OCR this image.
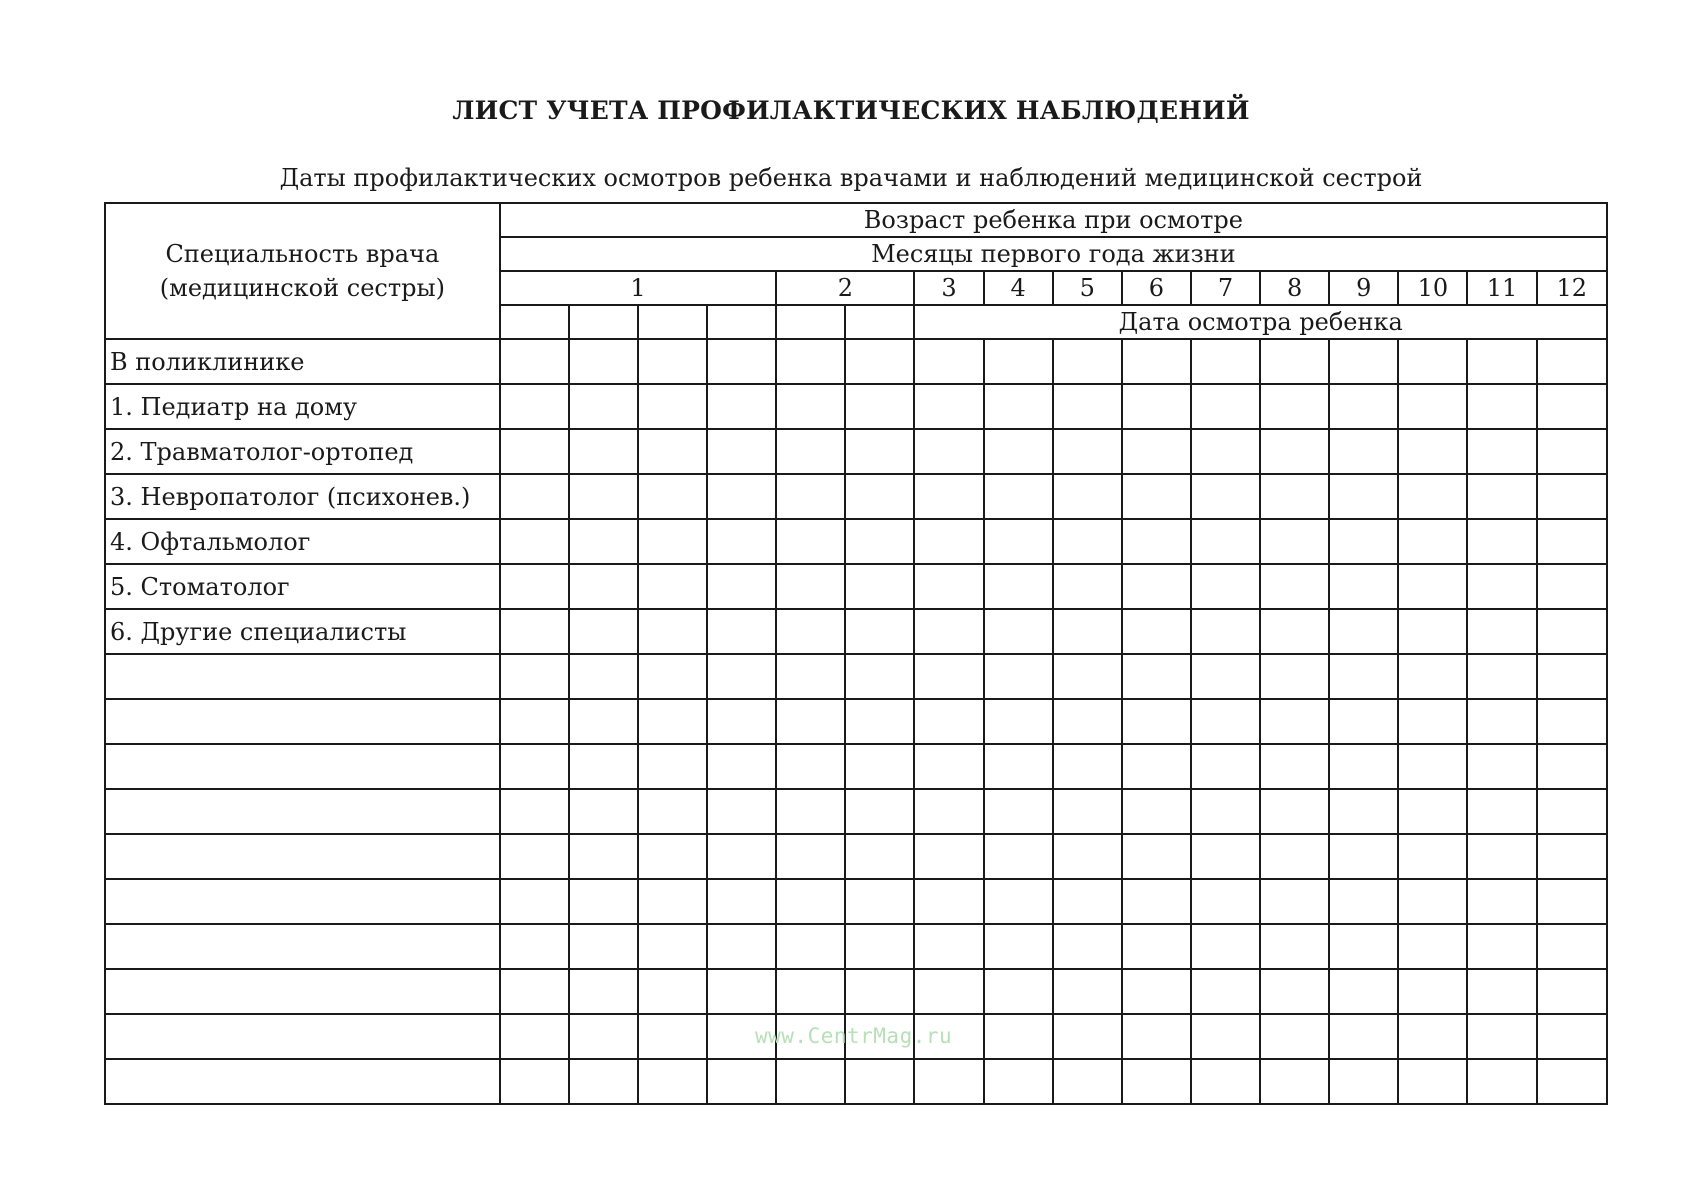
ЛИСТ УЧЕТА ПРОФИЛАКТИЧЕСКИХ НАБЛЮДЕНИЙ

Даты профилактических осмотров ребенка врачами и наблюдений медицинской сестрой

Специальность врача
(медицинской сестры)	Возраст ребенка при осмотре															
	Месяцы первого года жизни															
	1				2		3	4	5	6	7	8	9	10	11	12
							Дата осмотра ребенка									
В поликлинике																
1. Педиатр на дому																
2. Травматолог-ортопед																
3. Невропатолог (психонев.)																
4. Офтальмолог																
5. Стоматолог																
6. Другие специалисты																

www.CentrMag.ru
